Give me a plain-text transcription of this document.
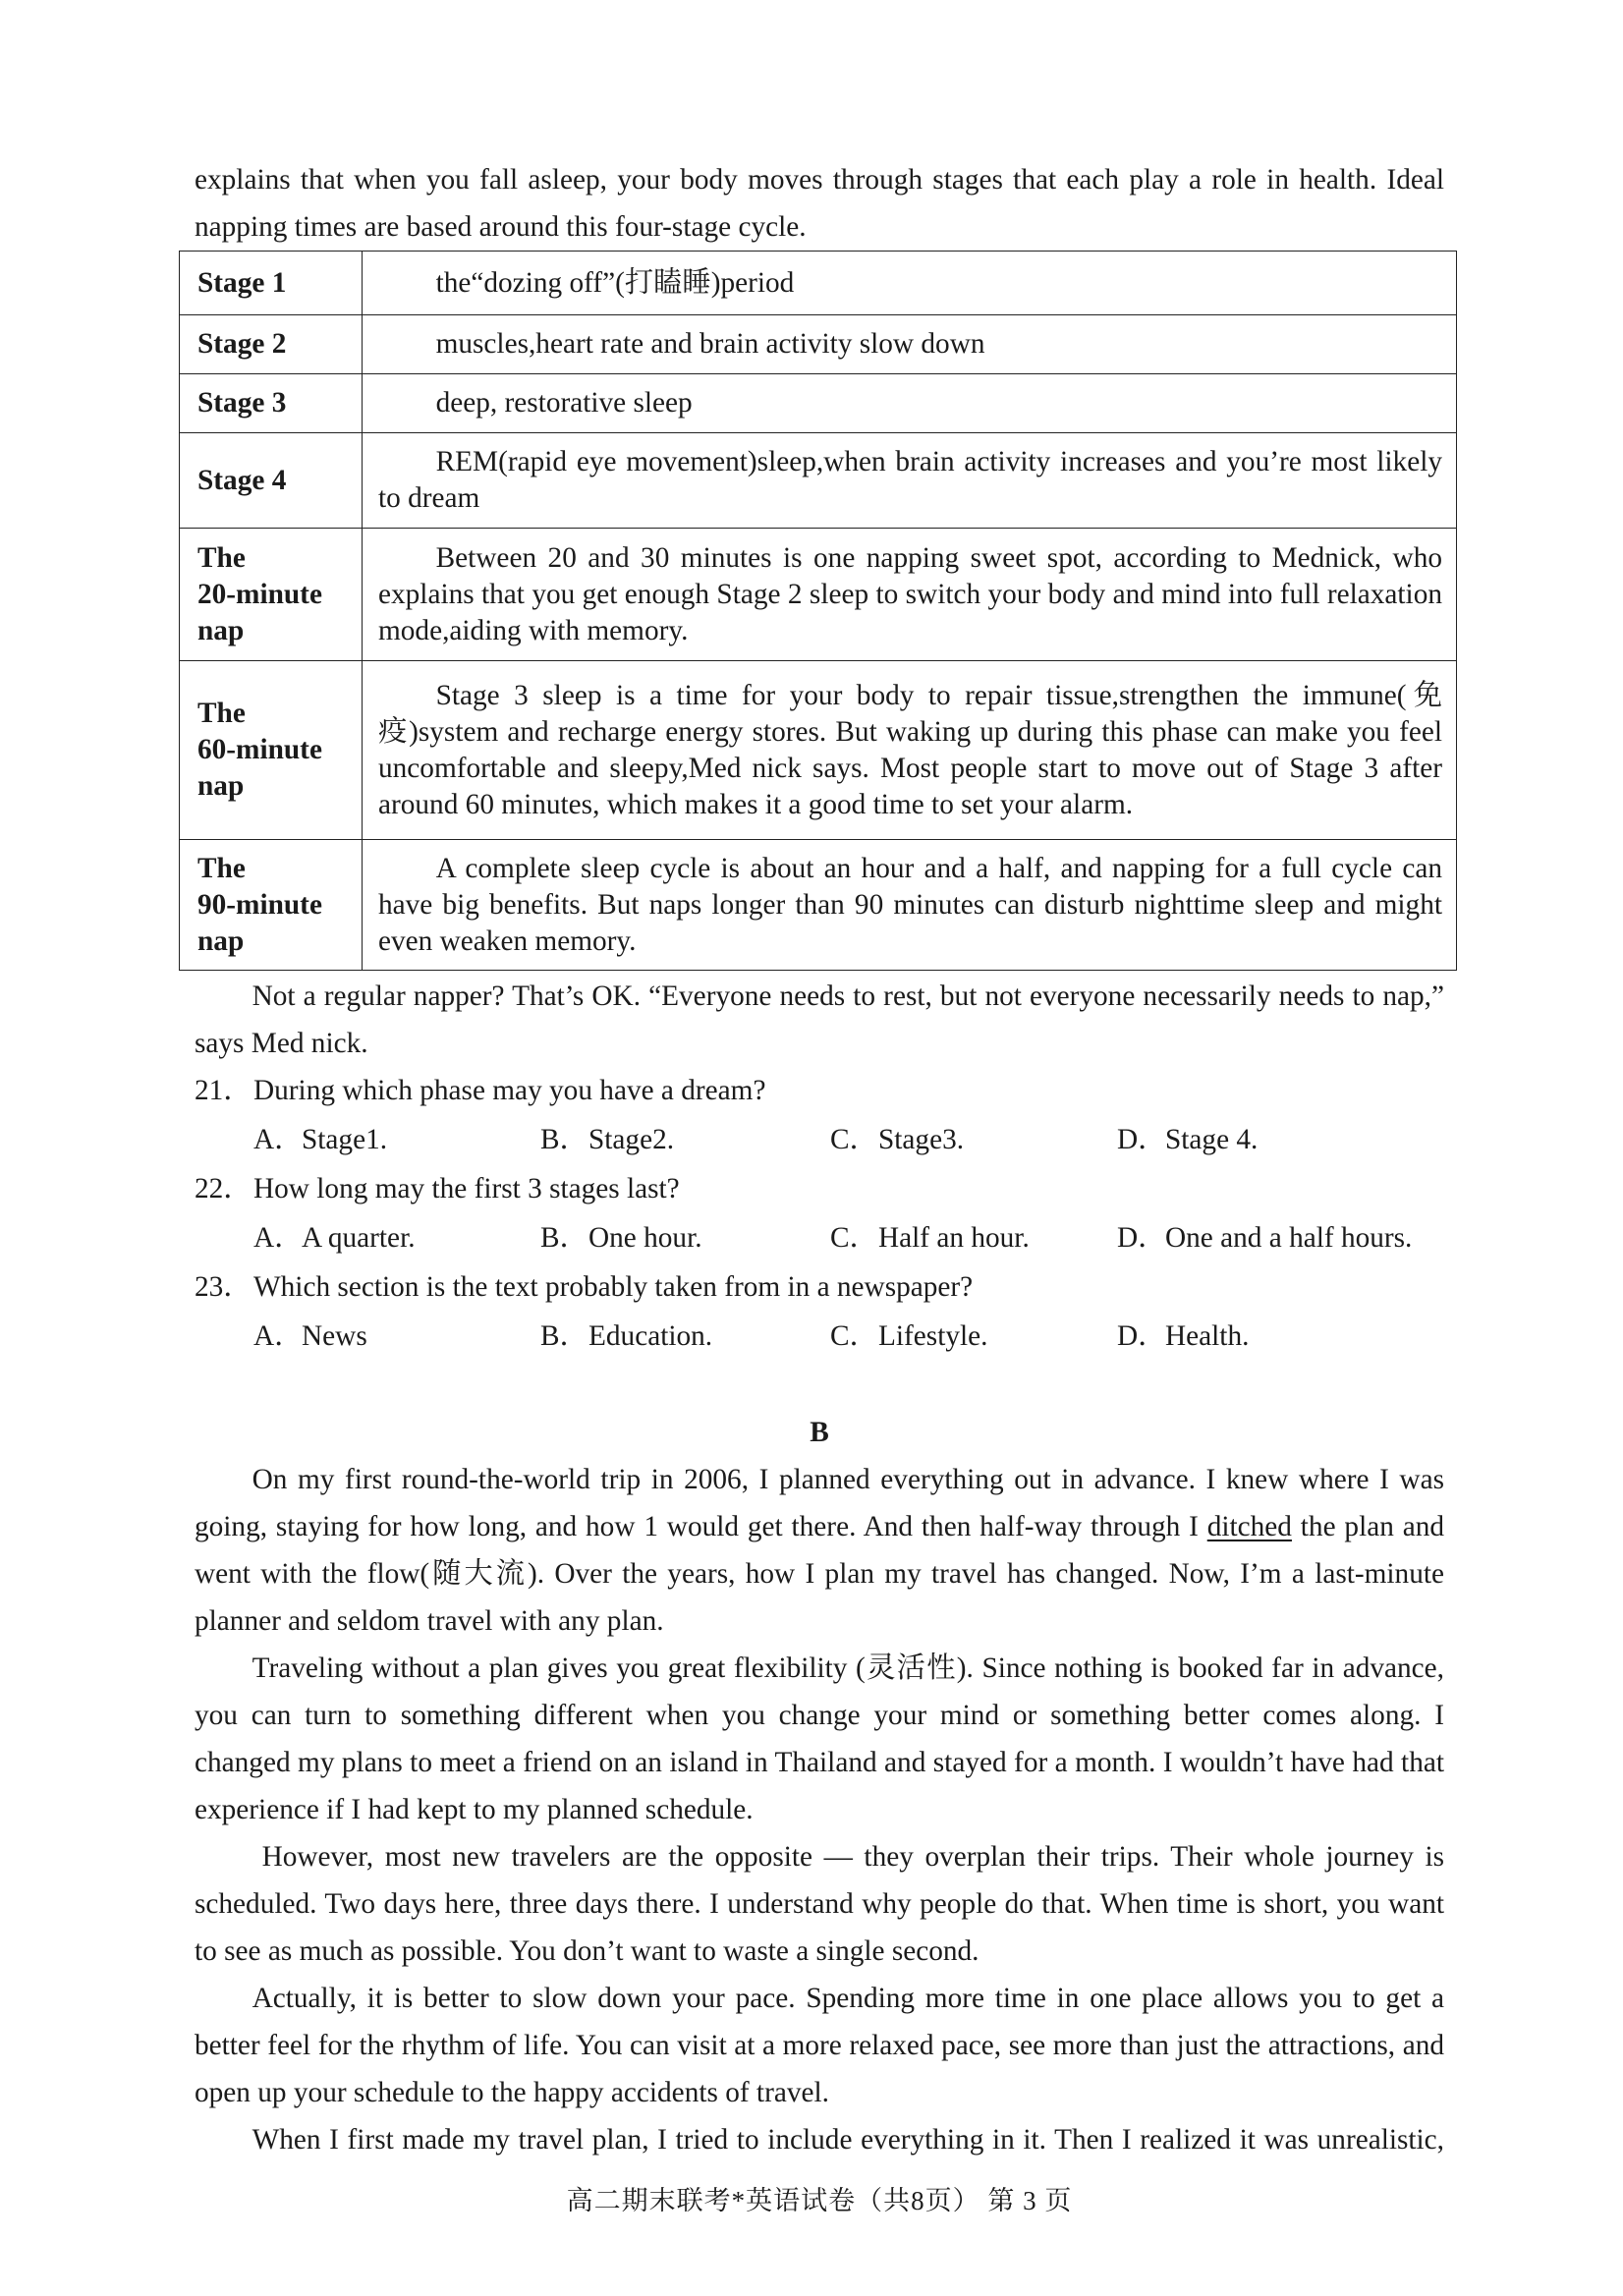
explains that when you fall asleep, your body moves through stages that each play a role in health. Ideal napping times are based around this four-stage cycle.

Stage 1	the“dozing off”(打瞌睡)period
Stage 2	muscles,heart rate and brain activity slow down
Stage 3	deep, restorative sleep
Stage 4	REM(rapid eye movement)sleep,when brain activity increases and you’re most likely to dream
The 20-minute nap	Between 20 and 30 minutes is one napping sweet spot, according to Mednick, who explains that you get enough Stage 2 sleep to switch your body and mind into full relaxation mode,aiding with memory.
The 60-minute nap	Stage 3 sleep is a time for your body to repair tissue,strengthen the immune(免疫)system and recharge energy stores. But waking up during this phase can make you feel uncomfortable and sleepy,Med nick says. Most people start to move out of Stage 3 after around 60 minutes, which makes it a good time to set your alarm.
The 90-minute nap	A complete sleep cycle is about an hour and a half, and napping for a full cycle can have big benefits. But naps longer than 90 minutes can disturb nighttime sleep and might even weaken memory.

Not a regular napper? That’s OK. “Everyone needs to rest, but not everyone necessarily needs to nap,” says Med nick.

21． During which phase may you have a dream?
A．Stage1.	B．Stage2.	C．Stage3.	D．Stage 4.
22． How long may the first 3 stages last?
A．A quarter.	B．One hour.	C．Half an hour.	D．One and a half hours.
23． Which section is the text probably taken from in a newspaper?
A．News	B．Education.	C．Lifestyle.	D．Health.
B

On my first round-the-world trip in 2006, I planned everything out in advance. I knew where I was going, staying for how long, and how 1 would get there. And then half-way through I ditched the plan and went with the flow(随大流). Over the years, how I plan my travel has changed. Now, I’m a last-minute planner and seldom travel with any plan.

Traveling without a plan gives you great flexibility (灵活性). Since nothing is booked far in advance, you can turn to something different when you change your mind or something better comes along. I changed my plans to meet a friend on an island in Thailand and stayed for a month. I wouldn’t have had that experience if I had kept to my planned schedule.

However, most new travelers are the opposite — they overplan their trips. Their whole journey is scheduled. Two days here, three days there. I understand why people do that. When time is short, you want to see as much as possible. You don’t want to waste a single second.

Actually, it is better to slow down your pace. Spending more time in one place allows you to get a better feel for the rhythm of life. You can visit at a more relaxed pace, see more than just the attractions, and open up your schedule to the happy accidents of travel.

When I first made my travel plan, I tried to include everything in it. Then I realized it was unrealistic,

高二期末联考*英语试卷（共8页） 第 3 页
